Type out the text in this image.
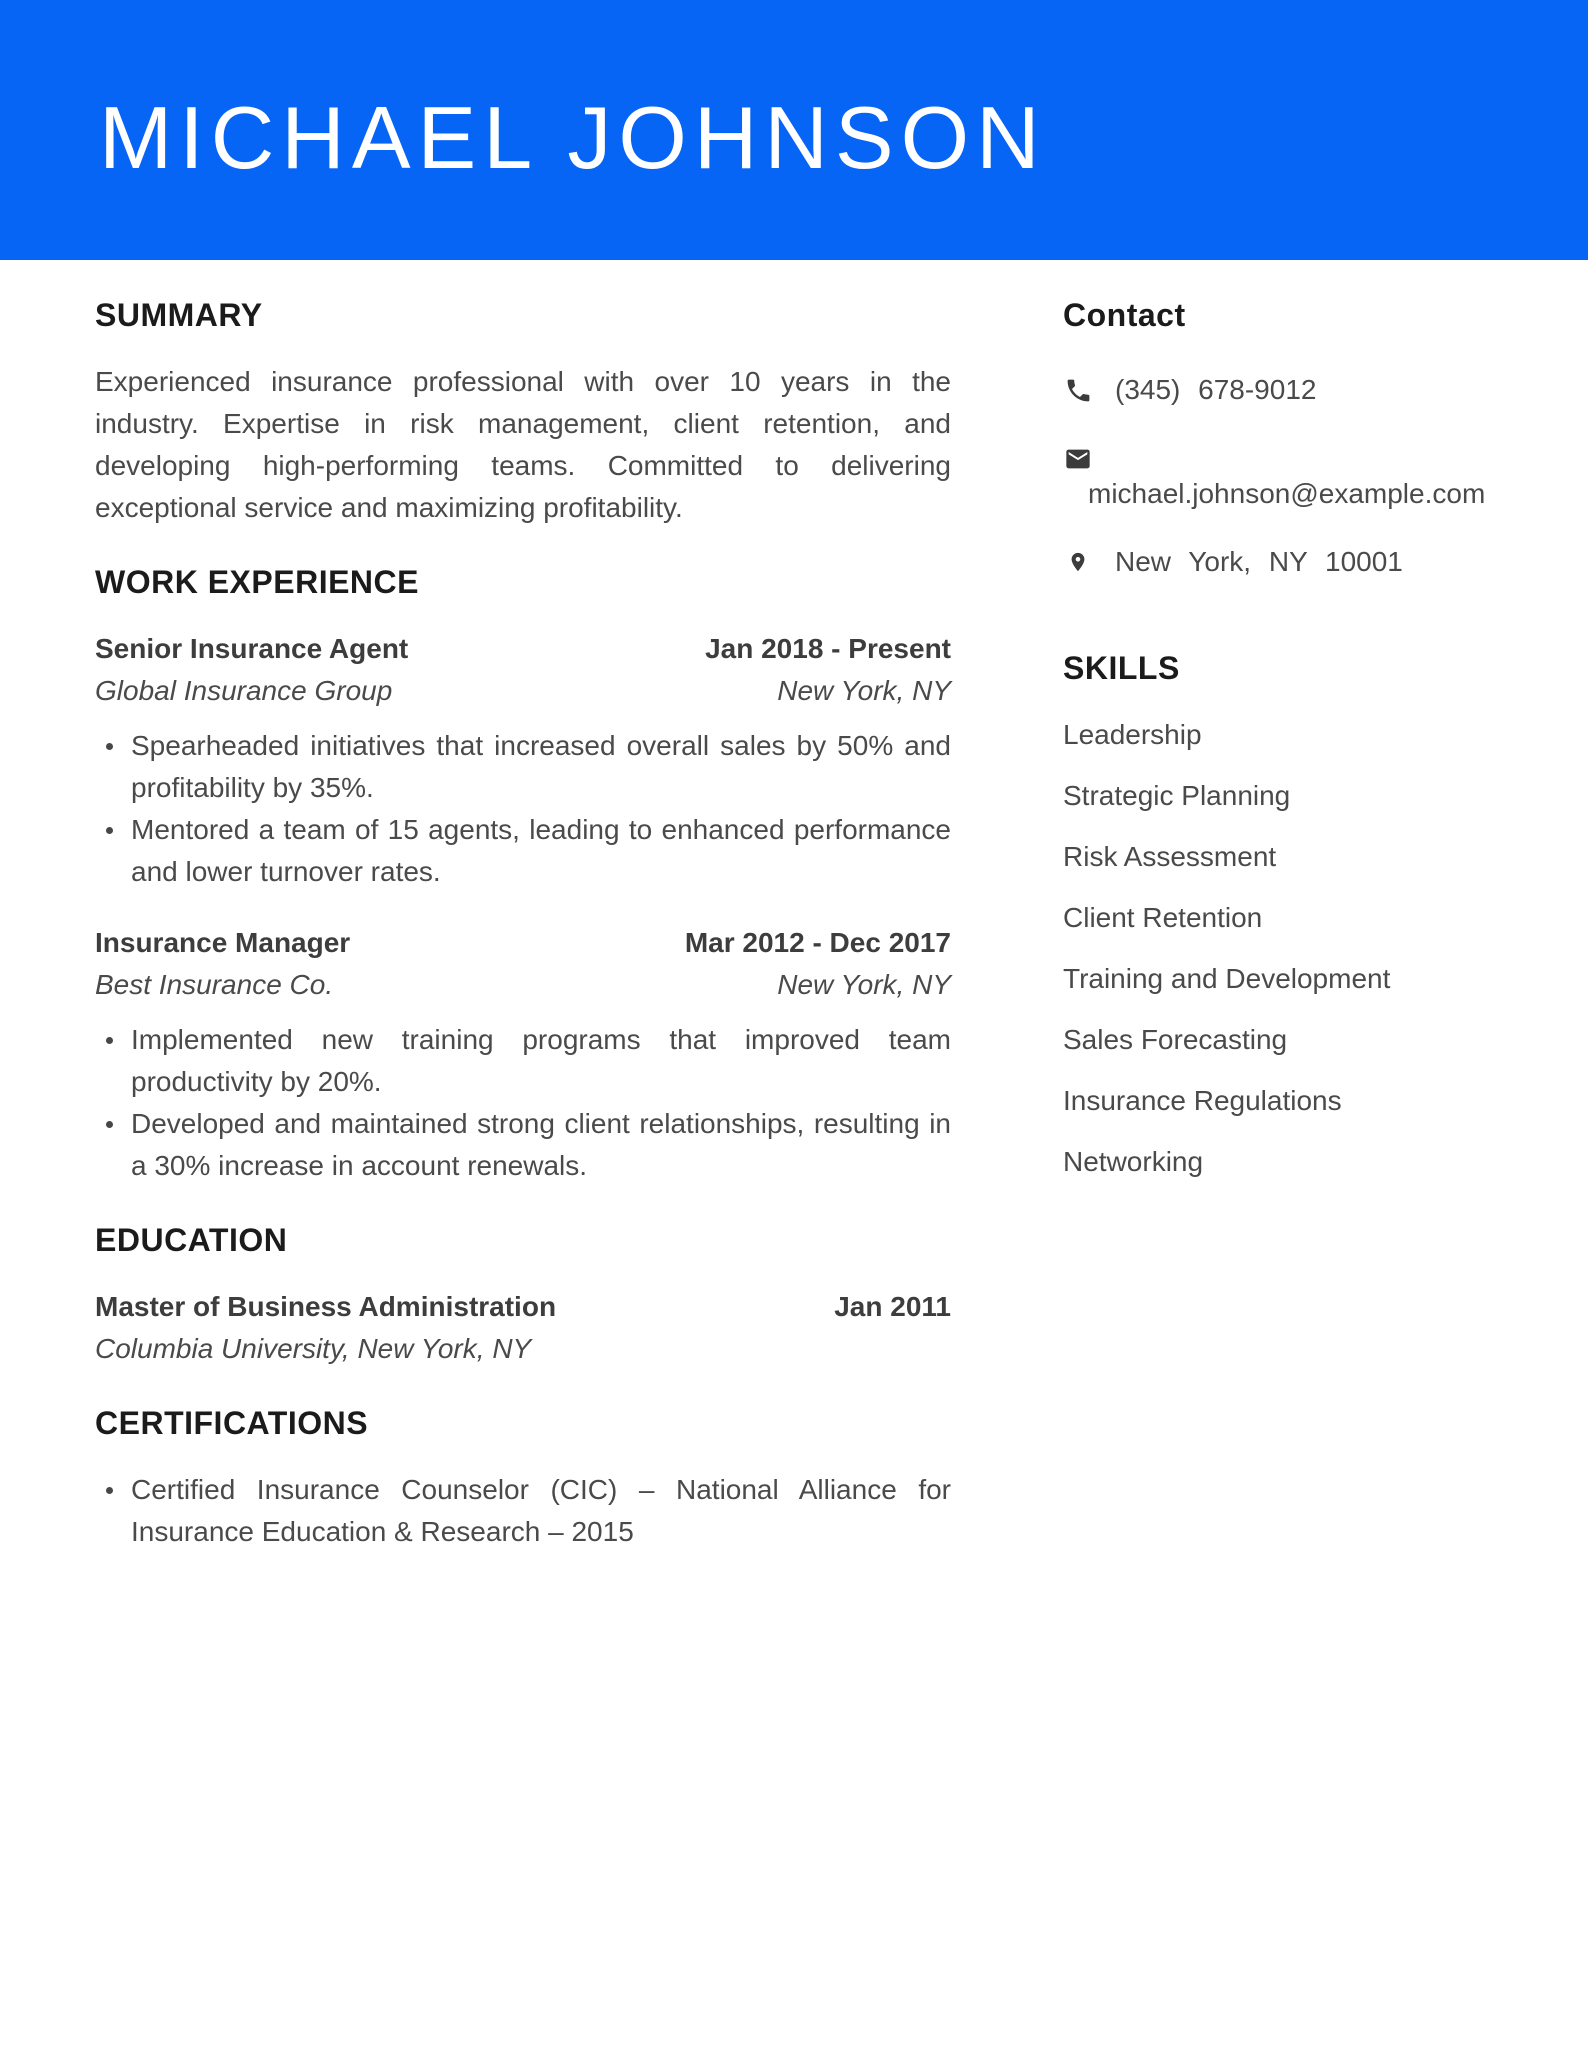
MICHAEL JOHNSON
SUMMARY

Experienced insurance professional with over 10 years in the industry. Expertise in risk management, client retention, and developing high-performing teams. Committed to delivering exceptional service and maximizing profitability.

WORK EXPERIENCE
Senior Insurance Agent	Jan 2018 - Present
Global Insurance Group	New York, NY
Spearheaded initiatives that increased overall sales by 50% and profitability by 35%.
Mentored a team of 15 agents, leading to enhanced performance and lower turnover rates.
Insurance Manager	Mar 2012 - Dec 2017
Best Insurance Co.	New York, NY
Implemented new training programs that improved team productivity by 20%.
Developed and maintained strong client relationships, resulting in a 30% increase in account renewals.
EDUCATION
Master of Business Administration	Jan 2011
Columbia University, New York, NY
CERTIFICATIONS
Certified Insurance Counselor (CIC) – National Alliance for Insurance Education & Research – 2015
Contact
(345) 678-9012
michael.johnson@example.com
New York, NY 10001
SKILLS
Leadership
Strategic Planning
Risk Assessment
Client Retention
Training and Development
Sales Forecasting
Insurance Regulations
Networking
